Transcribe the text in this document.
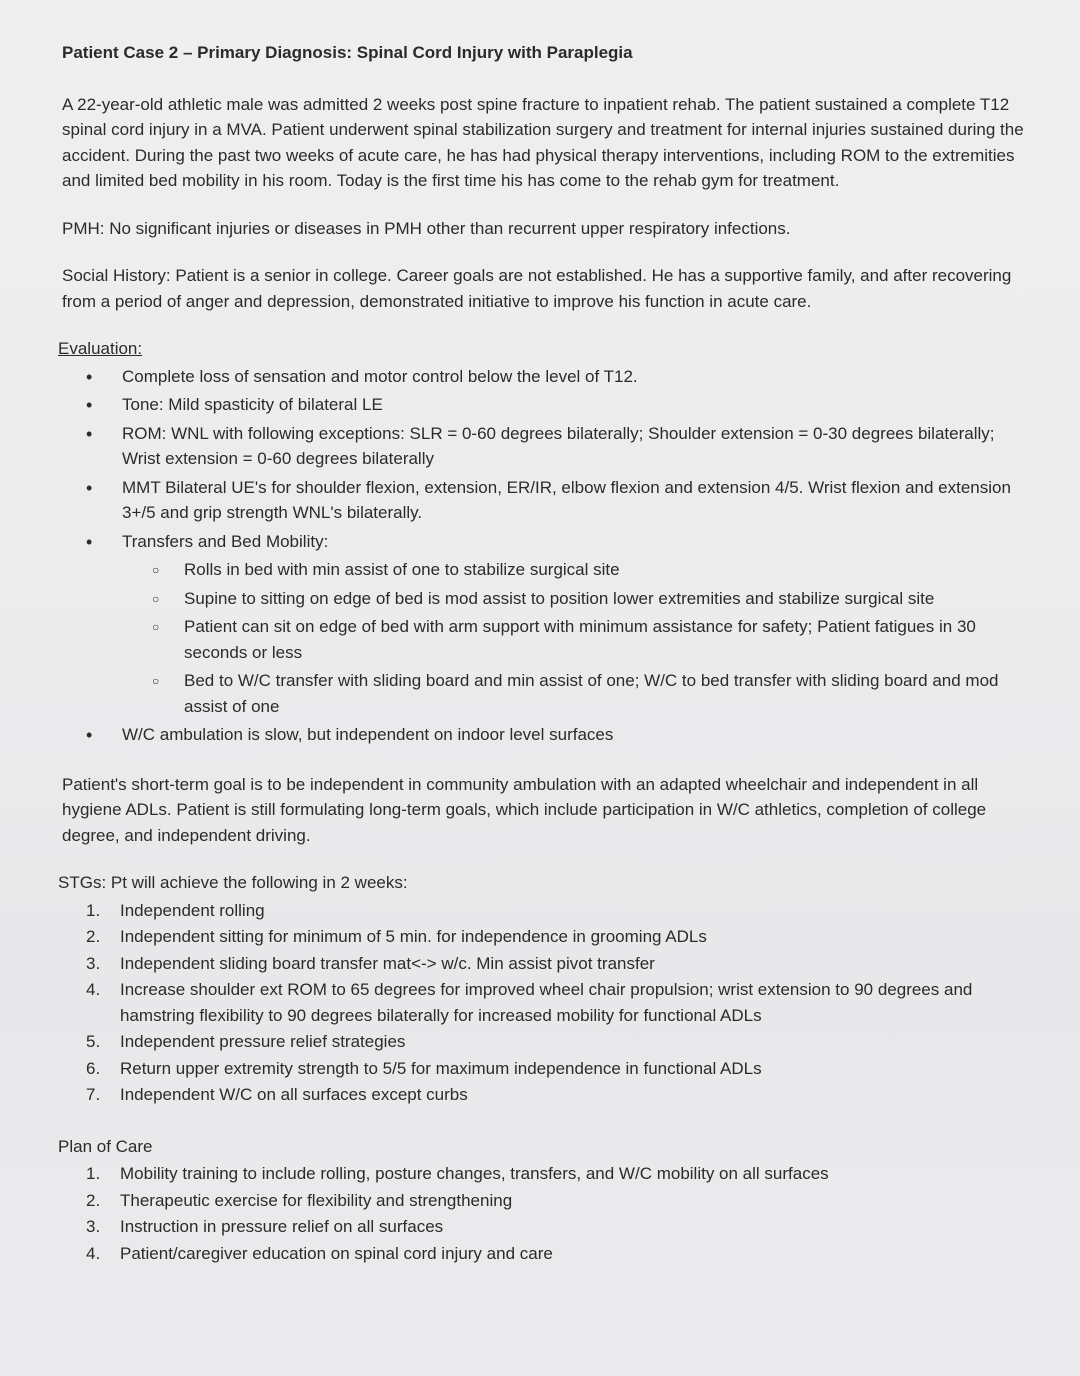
Patient Case 2 – Primary Diagnosis: Spinal Cord Injury with Paraplegia

A 22-year-old athletic male was admitted 2 weeks post spine fracture to inpatient rehab. The patient sustained a complete T12 spinal cord injury in a MVA. Patient underwent spinal stabilization surgery and treatment for internal injuries sustained during the accident. During the past two weeks of acute care, he has had physical therapy interventions, including ROM to the extremities and limited bed mobility in his room. Today is the first time his has come to the rehab gym for treatment.

PMH: No significant injuries or diseases in PMH other than recurrent upper respiratory infections.

Social History: Patient is a senior in college. Career goals are not established. He has a supportive family, and after recovering from a period of anger and depression, demonstrated initiative to improve his function in acute care.

Evaluation:
• Complete loss of sensation and motor control below the level of T12.
• Tone: Mild spasticity of bilateral LE
• ROM: WNL with following exceptions: SLR = 0-60 degrees bilaterally; Shoulder extension = 0-30 degrees bilaterally; Wrist extension = 0-60 degrees bilaterally
• MMT Bilateral UE's for shoulder flexion, extension, ER/IR, elbow flexion and extension 4/5. Wrist flexion and extension 3+/5 and grip strength WNL's bilaterally.
• Transfers and Bed Mobility:
○ Rolls in bed with min assist of one to stabilize surgical site
○ Supine to sitting on edge of bed is mod assist to position lower extremities and stabilize surgical site
○ Patient can sit on edge of bed with arm support with minimum assistance for safety; Patient fatigues in 30 seconds or less
○ Bed to W/C transfer with sliding board and min assist of one; W/C to bed transfer with sliding board and mod assist of one
• W/C ambulation is slow, but independent on indoor level surfaces

Patient's short-term goal is to be independent in community ambulation with an adapted wheelchair and independent in all hygiene ADLs. Patient is still formulating long-term goals, which include participation in W/C athletics, completion of college degree, and independent driving.

STGs: Pt will achieve the following in 2 weeks:
1. Independent rolling
2. Independent sitting for minimum of 5 min. for independence in grooming ADLs
3. Independent sliding board transfer mat<-> w/c. Min assist pivot transfer
4. Increase shoulder ext ROM to 65 degrees for improved wheel chair propulsion; wrist extension to 90 degrees and hamstring flexibility to 90 degrees bilaterally for increased mobility for functional ADLs
5. Independent pressure relief strategies
6. Return upper extremity strength to 5/5 for maximum independence in functional ADLs
7. Independent W/C on all surfaces except curbs
Plan of Care
1. Mobility training to include rolling, posture changes, transfers, and W/C mobility on all surfaces
2. Therapeutic exercise for flexibility and strengthening
3. Instruction in pressure relief on all surfaces
4. Patient/caregiver education on spinal cord injury and care
